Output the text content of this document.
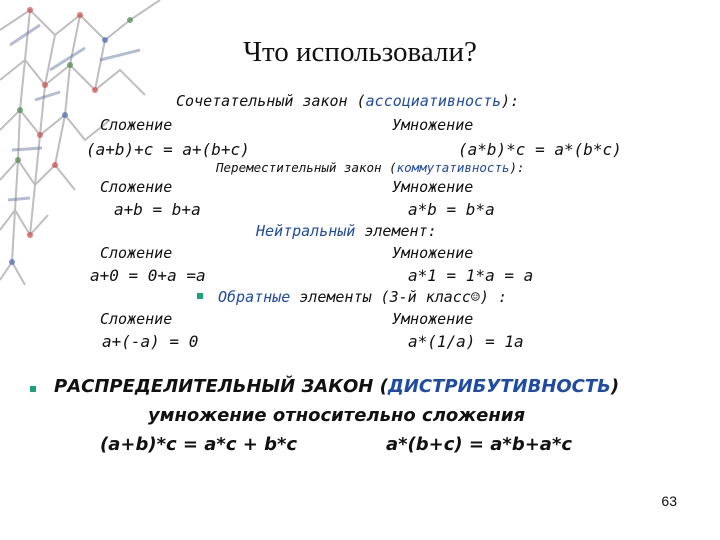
Что использовали?
Сочетательный закон (ассоциативность):
Сложение	Умножение
(a+b)+c = a+(b+c)	(a*b)*c = a*(b*c)
Переместительный закон (коммутативность):
Сложение	Умножение
a+b = b+a	a*b = b*a
Нейтральный элемент:
Сложение	Умножение
a+0 = 0+a =a	a*1 = 1*a = a
Обратные элементы (3-й класс☺) :
Сложение	Умножение
a+(-a) = 0	a*(1/a) = 1a
РАСПРЕДЕЛИТЕЛЬНЫЙ ЗАКОН (ДИСТРИБУТИВНОСТЬ)
умножение относительно сложения
(a+b)*c = a*c + b*c	a*(b+c) = a*b+a*c
63
